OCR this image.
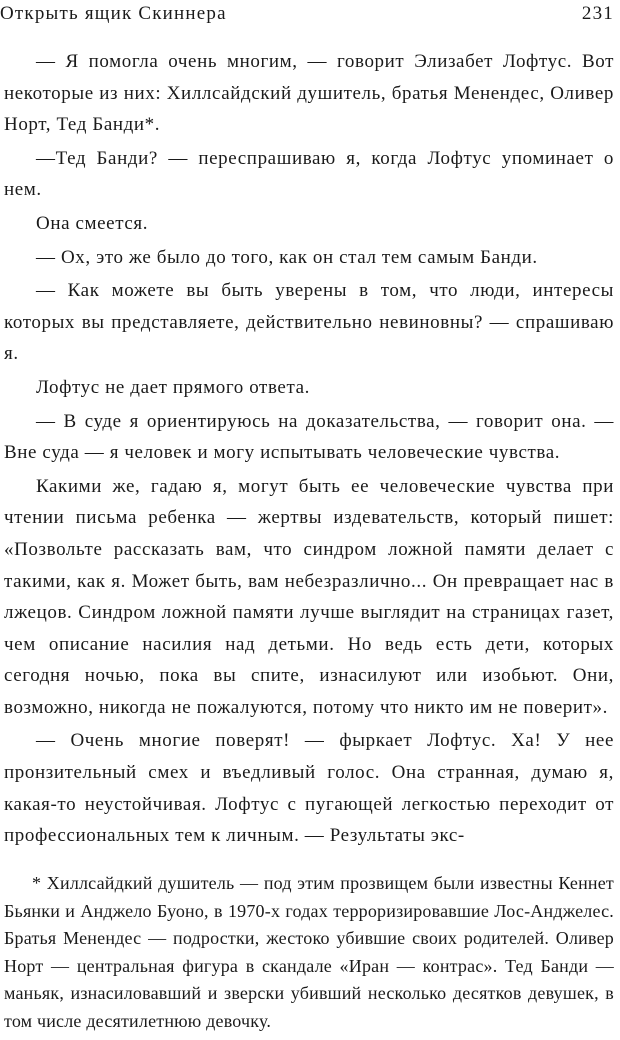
Открыть ящик Скиннера	231

— Я помогла очень многим, — говорит Элизабет Лофтус. Вот некоторые из них: Хиллсайдский душитель, братья Менендес, Оливер Норт, Тед Банди*.

—Тед Банди? — переспрашиваю я, когда Лофтус упоминает о нем.

Она смеется.

— Ох, это же было до того, как он стал тем самым Банди.

— Как можете вы быть уверены в том, что люди, интересы которых вы представляете, действительно невиновны? — спрашиваю я.

Лофтус не дает прямого ответа.

— В суде я ориентируюсь на доказательства, — говорит она. — Вне суда — я человек и могу испытывать человеческие чувства.

Какими же, гадаю я, могут быть ее человеческие чувства при чтении письма ребенка — жертвы издевательств, который пишет: «Позвольте рассказать вам, что синдром ложной памяти делает с такими, как я. Может быть, вам небезразлично... Он превращает нас в лжецов. Синдром ложной памяти лучше выглядит на страницах газет, чем описание насилия над детьми. Но ведь есть дети, которых сегодня ночью, пока вы спите, изнасилуют или изобьют. Они, возможно, никогда не пожалуются, потому что никто им не поверит».

— Очень многие поверят! — фыркает Лофтус. Ха! У нее пронзительный смех и въедливый голос. Она странная, думаю я, какая-то неустойчивая. Лофтус с пугающей легкостью переходит от профессиональных тем к личным. — Результаты экс-

* Хиллсайдкий душитель — под этим прозвищем были известны Кеннет Бьянки и Анджело Буоно, в 1970-х годах терроризировавшие Лос-Анджелес. Братья Менендес — подростки, жестоко убившие своих родителей. Оливер Норт — центральная фигура в скандале «Иран — контрас». Тед Банди — маньяк, изнасиловавший и зверски убивший несколько десятков девушек, в том числе десятилетнюю девочку.
